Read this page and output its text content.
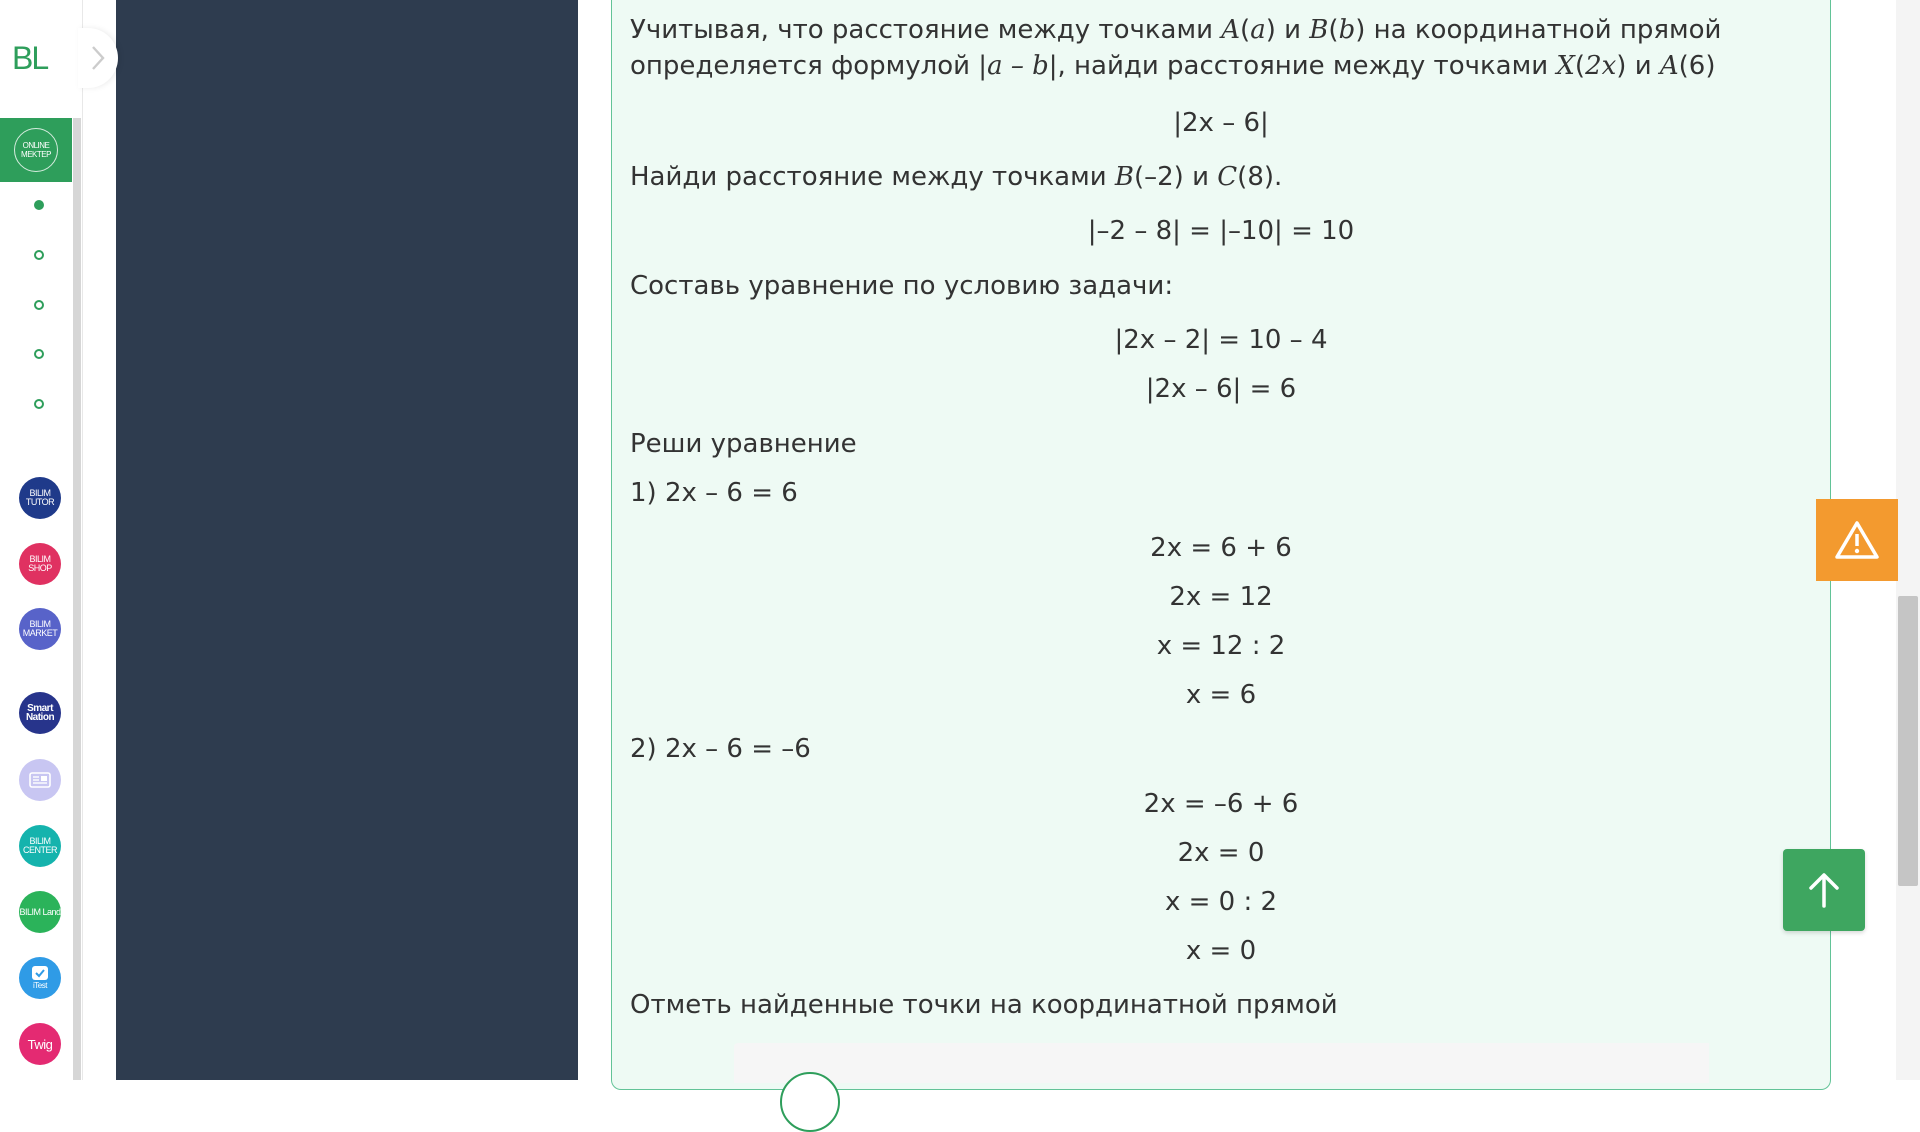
BL
ONLINE MEKTEP
BILIM TUTOR
BILIM SHOP
BILIM MARKET
Smart Nation
BILIM CENTER
BILIM Land
iTest
Twig
Учитывая, что расстояние между точками A(a) и B(b) на координатной прямой
определяется формулой |a – b|, найди расстояние между точками X(2x) и A(6)
|2x – 6|
Найди расстояние между точками B(–2) и C(8).
|–2 – 8| = |–10| = 10
Составь уравнение по условию задачи:
|2x – 2| = 10 – 4
|2x – 6| = 6
Реши уравнение
1) 2x – 6 = 6
2x = 6 + 6
2x = 12
x = 12 : 2
x = 6
2) 2x – 6 = –6
2x = –6 + 6
2x = 0
x = 0 : 2
x = 0
Отметь найденные точки на координатной прямой
